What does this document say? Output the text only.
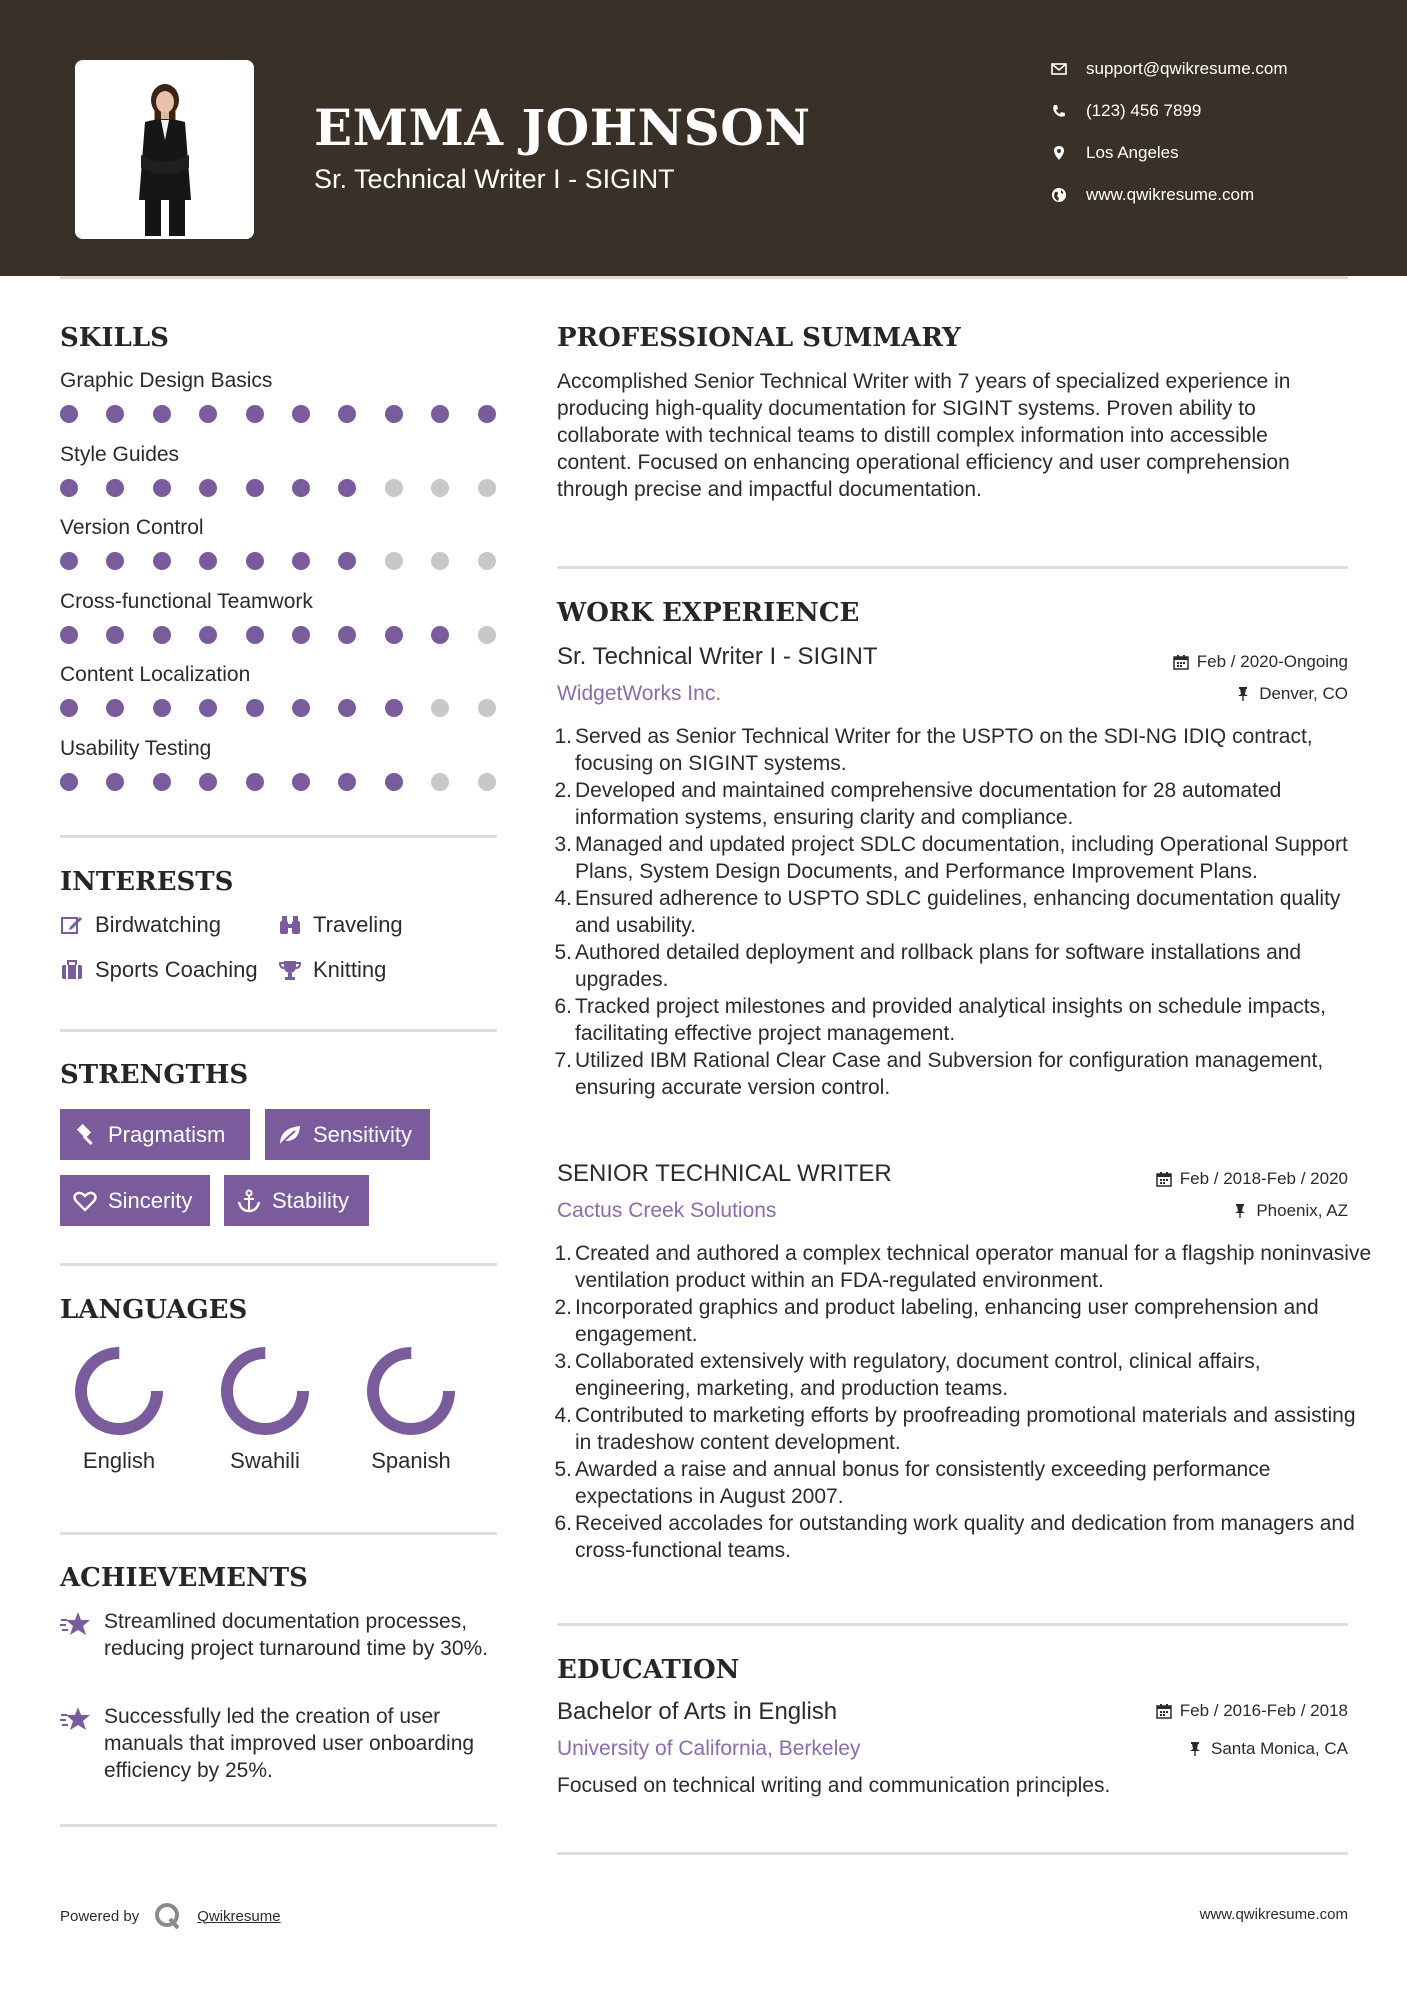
EMMA JOHNSON
Sr. Technical Writer I - SIGINT
support@qwikresume.com
(123) 456 7899
Los Angeles
www.qwikresume.com
SKILLS
Graphic Design Basics
Style Guides
Version Control
Cross-functional Teamwork
Content Localization
Usability Testing
INTERESTS
Birdwatching	Traveling
Sports Coaching	Knitting
STRENGTHS
Pragmatism	Sensitivity
Sincerity	Stability
LANGUAGES
English	Swahili	Spanish
ACHIEVEMENTS
Streamlined documentation processes, reducing project turnaround time by 30%.
Successfully led the creation of user manuals that improved user onboarding efficiency by 25%.
PROFESSIONAL SUMMARY
Accomplished Senior Technical Writer with 7 years of specialized experience in producing high-quality documentation for SIGINT systems. Proven ability to collaborate with technical teams to distill complex information into accessible content. Focused on enhancing operational efficiency and user comprehension through precise and impactful documentation.
WORK EXPERIENCE
Sr. Technical Writer I - SIGINT	Feb / 2020-Ongoing
WidgetWorks Inc.	Denver, CO
Served as Senior Technical Writer for the USPTO on the SDI-NG IDIQ contract, focusing on SIGINT systems.
Developed and maintained comprehensive documentation for 28 automated information systems, ensuring clarity and compliance.
Managed and updated project SDLC documentation, including Operational Support Plans, System Design Documents, and Performance Improvement Plans.
Ensured adherence to USPTO SDLC guidelines, enhancing documentation quality and usability.
Authored detailed deployment and rollback plans for software installations and upgrades.
Tracked project milestones and provided analytical insights on schedule impacts, facilitating effective project management.
Utilized IBM Rational Clear Case and Subversion for configuration management, ensuring accurate version control.
SENIOR TECHNICAL WRITER	Feb / 2018-Feb / 2020
Cactus Creek Solutions	Phoenix, AZ
Created and authored a complex technical operator manual for a flagship noninvasive ventilation product within an FDA-regulated environment.
Incorporated graphics and product labeling, enhancing user comprehension and engagement.
Collaborated extensively with regulatory, document control, clinical affairs, engineering, marketing, and production teams.
Contributed to marketing efforts by proofreading promotional materials and assisting in tradeshow content development.
Awarded a raise and annual bonus for consistently exceeding performance expectations in August 2007.
Received accolades for outstanding work quality and dedication from managers and cross-functional teams.
EDUCATION
Bachelor of Arts in English	Feb / 2016-Feb / 2018
University of California, Berkeley	Santa Monica, CA
Focused on technical writing and communication principles.
Powered by	Qwikresume	www.qwikresume.com
